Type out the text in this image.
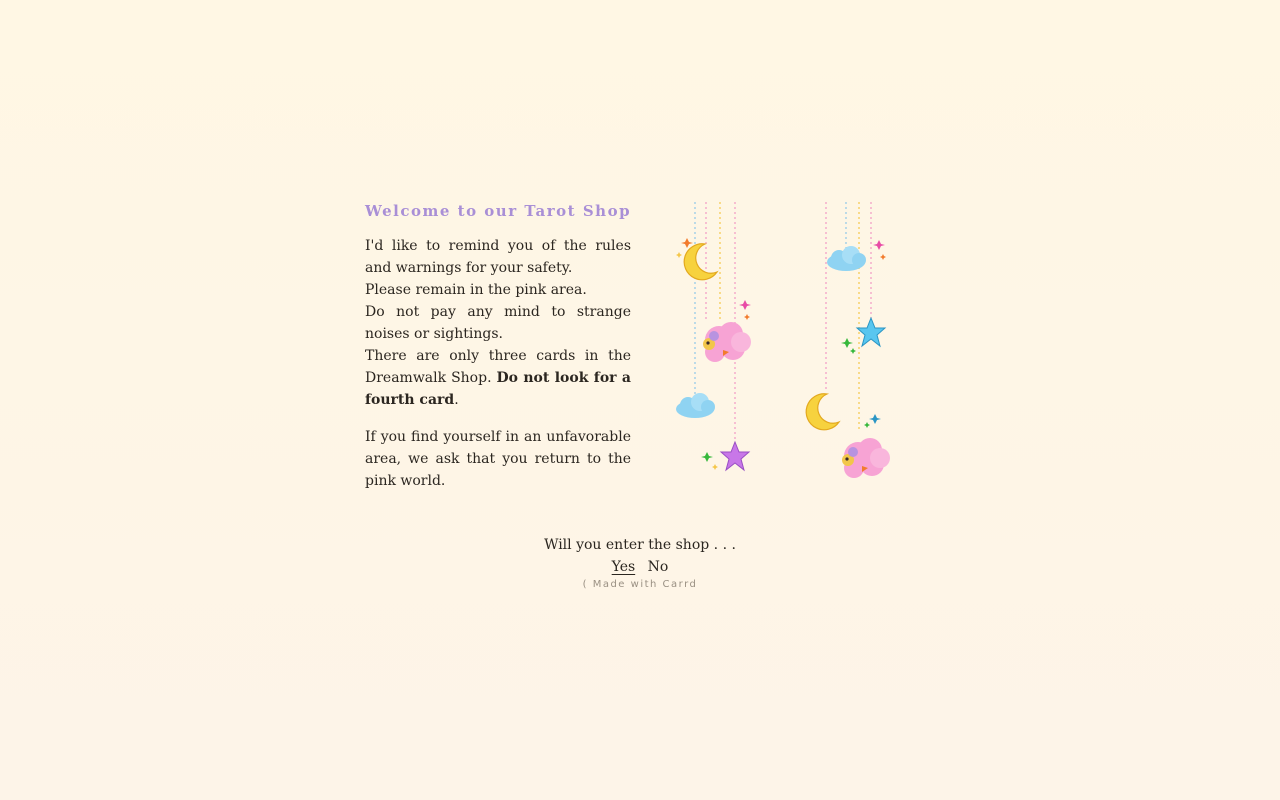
Welcome to our Tarot Shop

I'd like to remind you of the rules and warnings for your safety.
Please remain in the pink area.
Do not pay any mind to strange noises or sightings.
There are only three cards in the Dreamwalk Shop. Do not look for a fourth card.

If you find yourself in an unfavorable area, we ask that you return to the pink world.

Will you enter the shop . . .
Yes No
( Made with Carrd
